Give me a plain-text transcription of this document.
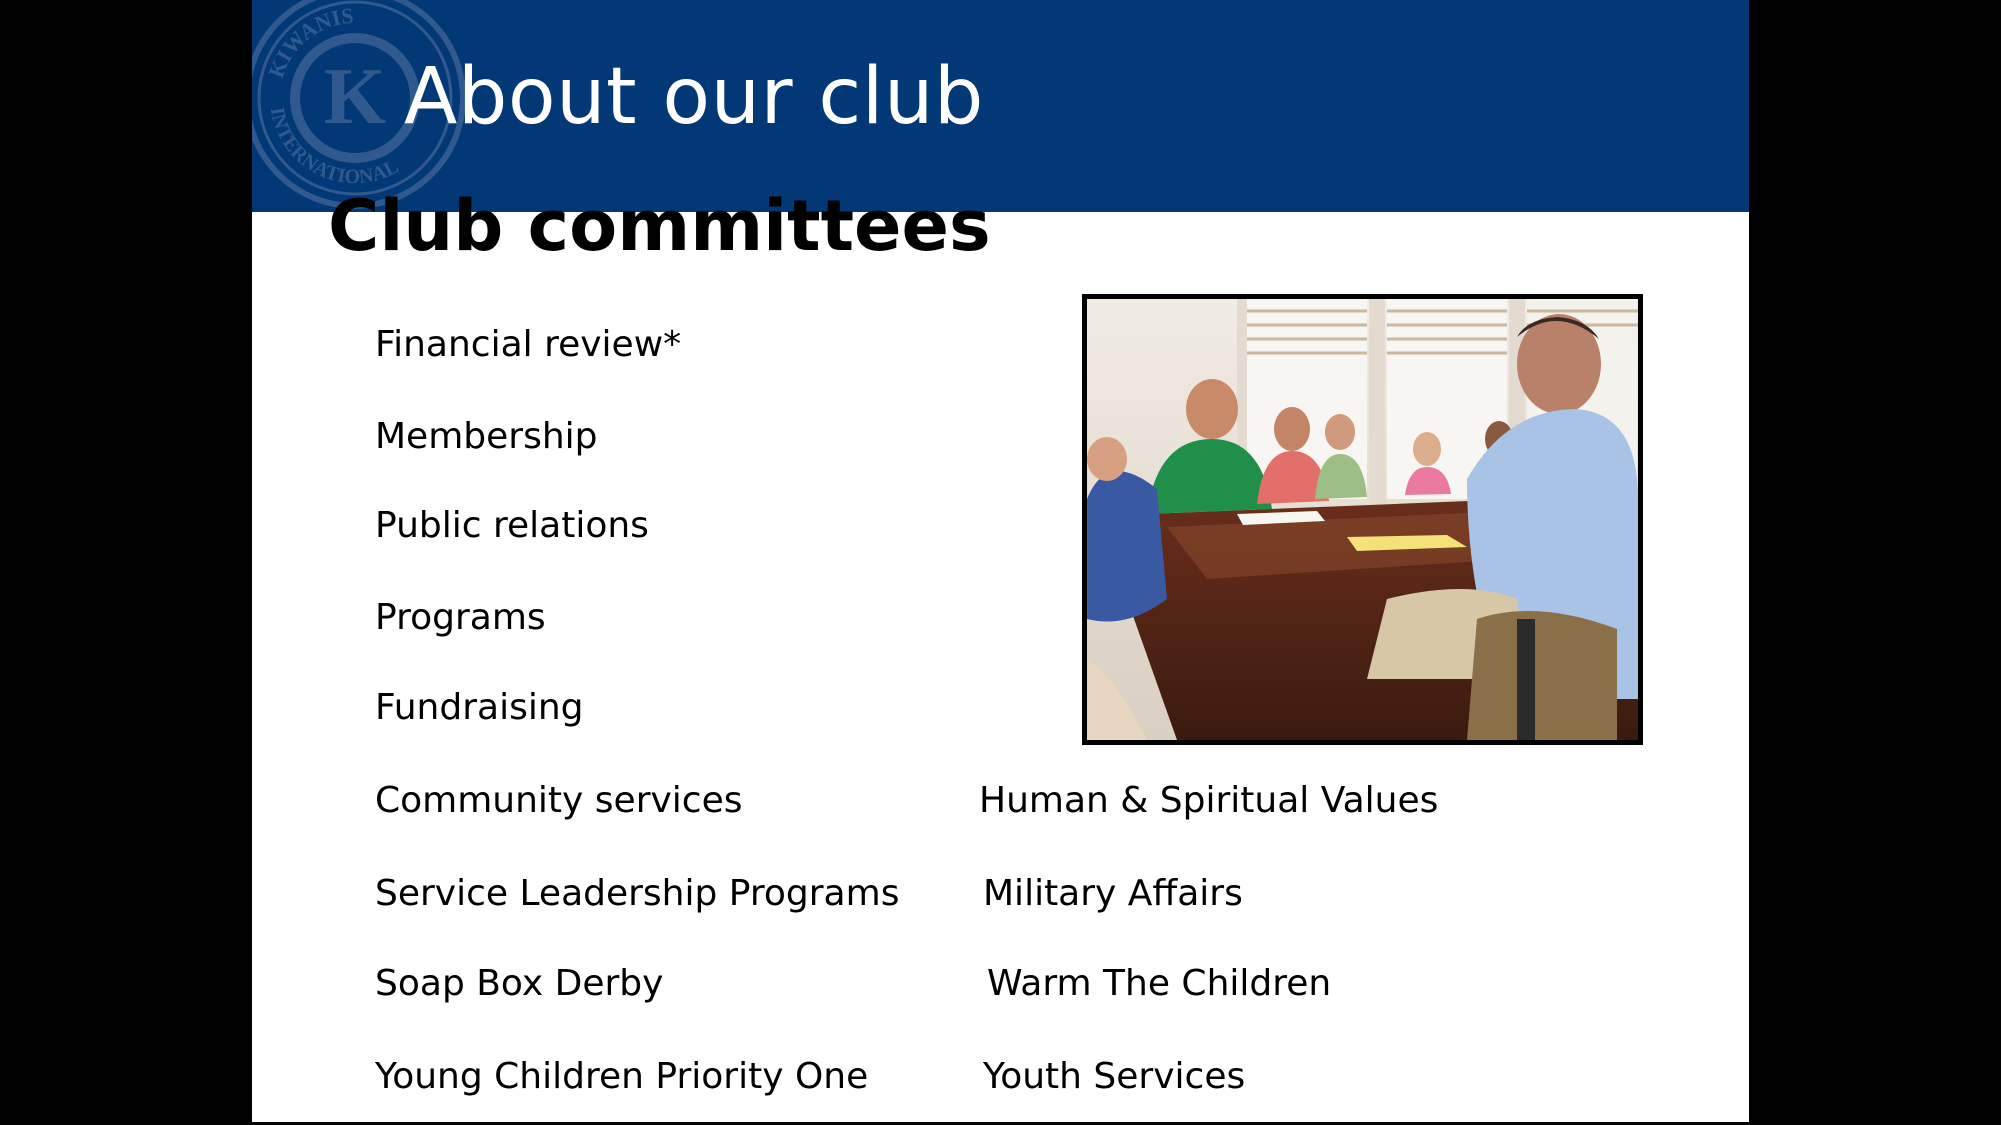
K
KIWANIS
INTERNATIONAL
About our club
Club committees
Financial review*
Membership
Public relations
Programs
Fundraising
Community services
Service Leadership Programs
Soap Box Derby
Young Children Priority One
Human & Spiritual Values
Military Affairs
Warm The Children
Youth Services
